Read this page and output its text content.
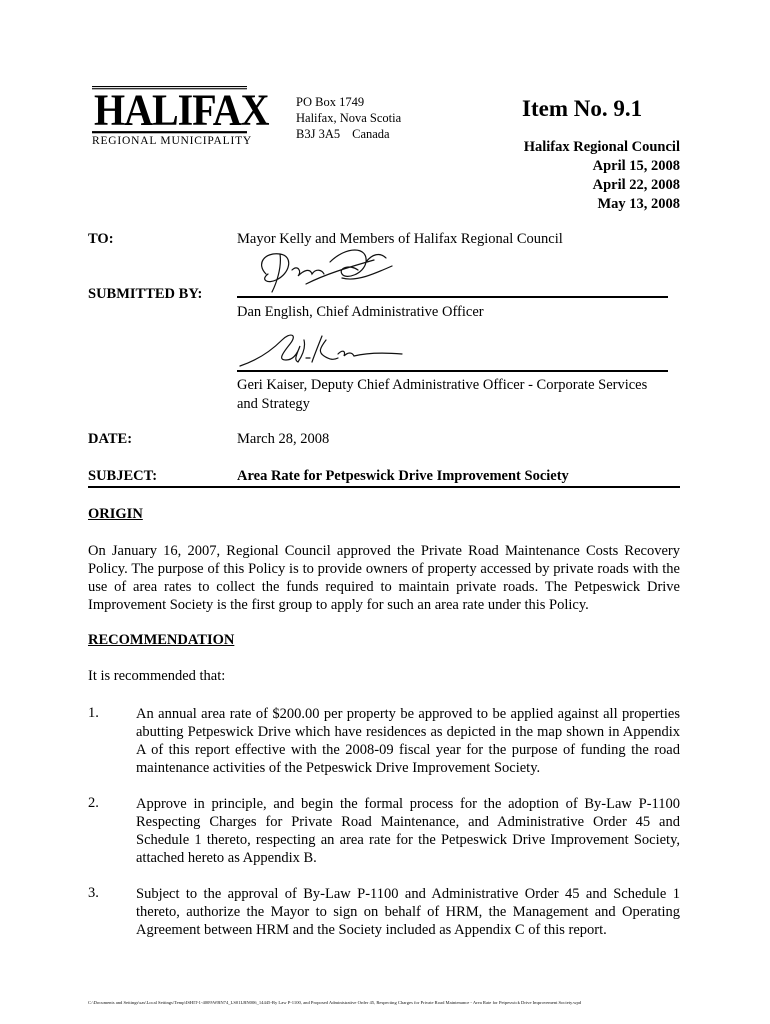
HALIFAX
REGIONAL MUNICIPALITY
PO Box 1749
Halifax, Nova Scotia
B3J 3A5 Canada
Item No. 9.1
Halifax Regional Council
April 15, 2008
April 22, 2008
May 13, 2008
TO:	Mayor Kelly and Members of Halifax Regional Council
SUBMITTED BY:
Dan English, Chief Administrative Officer
Geri Kaiser, Deputy Chief Administrative Officer - Corporate Services
and Strategy
DATE:	March 28, 2008
SUBJECT:	Area Rate for Petpeswick Drive Improvement Society
ORIGIN
On January 16, 2007, Regional Council approved the Private Road Maintenance Costs Recovery Policy. The purpose of this Policy is to provide owners of property accessed by private roads with the use of area rates to collect the funds required to maintain private roads. The Petpeswick Drive Improvement Society is the first group to apply for such an area rate under this Policy.
RECOMMENDATION
It is recommended that:
1.	An annual area rate of $200.00 per property be approved to be applied against all properties abutting Petpeswick Drive which have residences as depicted in the map shown in Appendix A of this report effective with the 2008-09 fiscal year for the purpose of funding the road maintenance activities of the Petpeswick Drive Improvement Society.
2.	Approve in principle, and begin the formal process for the adoption of By-Law P-1100 Respecting Charges for Private Road Maintenance, and Administrative Order 45 and Schedule 1 thereto, respecting an area rate for the Petpeswick Drive Improvement Society, attached hereto as Appendix B.
3.	Subject to the approval of By-Law P-1100 and Administrative Order 45 and Schedule 1 thereto, authorize the Mayor to sign on behalf of HRM, the Management and Operating Agreement between HRM and the Society included as Appendix C of this report.
C:\Documents and Settings\sas\Local Settings\Temp\ISHIT-1-4009\WBN74_LS01LBN006_14445-By Law P-1100, and Proposed Administrative Order 45, Respecting Charges for Private Road Maintenance - Area Rate for Petpeswick Drive Improvement Society.wpd
